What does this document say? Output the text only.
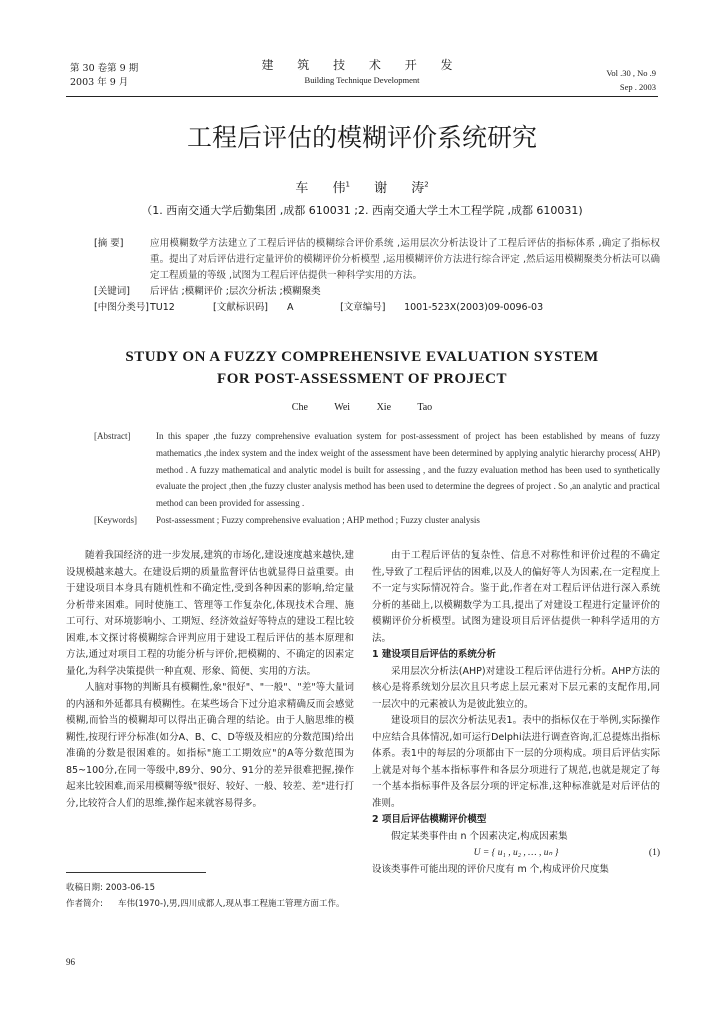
第 30 卷第 9 期
2003 年 9 月
建 筑 技 术 开 发
Building Technique Development
Vol .30 , No .9
Sep . 2003
工程后评估的模糊评价系统研究
车 伟$^1$ 谢 涛$^2$
（1. 西南交通大学后勤集团 ,成都 610031 ;2. 西南交通大学土木工程学院 ,成都 610031)
[摘 要]	应用模糊数学方法建立了工程后评估的模糊综合评价系统 ,运用层次分析法设计了工程后评估的指标体系 ,确定了指标权重。提出了对后评估进行定量评价的模糊评价分析模型 ,运用模糊评价方法进行综合评定 ,然后运用模糊聚类分析法可以确定工程质量的等级 ,试图为工程后评估提供一种科学实用的方法。
[关键词] 后评估 ;模糊评价 ;层次分析法 ;模糊聚类
[中图分类号]TU12	[文献标识码] A	[文章编号] 1001-523X(2003)09-0096-03
STUDY ON A FUZZY COMPREHENSIVE EVALUATION SYSTEM
FOR POST-ASSESSMENT OF PROJECT
Che Wei Xie Tao
[Abstract]	In this spaper ,the fuzzy comprehensive evaluation system for post-assessment of project has been established by means of fuzzy mathematics ,the index system and the index weight of the assessment have been determined by applying analytic hierarchy process( AHP) method . A fuzzy mathematical and analytic model is built for assessing , and the fuzzy evaluation method has been used to synthetically evaluate the project ,then ,the fuzzy cluster analysis method has been used to determine the degrees of project . So ,an analytic and practical method can been provided for assessing .
[Keywords] Post-assessment ; Fuzzy comprehensive evaluation ; AHP method ; Fuzzy cluster analysis

随着我国经济的进一步发展,建筑的市场化,建设速度越来越快,建设规模越来越大。在建设后期的质量监督评估也就显得日益重要。由于建设项目本身具有随机性和不确定性,受到各种因素的影响,给定量分析带来困难。同时使施工、管理等工作复杂化,体现技术合理、施工可行、对环境影响小、工期短、经济效益好等特点的建设工程比较困难,本文探讨将模糊综合评判应用于建设工程后评估的基本原理和方法,通过对项目工程的功能分析与评价,把模糊的、不确定的因素定量化,为科学决策提供一种直观、形象、简便、实用的方法。

人脑对事物的判断具有模糊性,象"很好"、"一般"、"差"等大量词的内涵和外延都具有模糊性。在某些场合下过分追求精确反而会感觉模糊,而恰当的模糊却可以得出正确合理的结论。由于人脑思维的模糊性,按现行评分标准(如分A、B、C、D等级及相应的分数范围)给出准确的分数是很困难的。如指标"施工工期效应"的A等分数范围为85~100分,在同一等级中,89分、90分、91分的差异很难把握,操作起来比较困难,而采用模糊等级"很好、较好、一般、较差、差"进行打分,比较符合人们的思维,操作起来就容易得多。

由于工程后评估的复杂性、信息不对称性和评价过程的不确定性,导致了工程后评估的困难,以及人的偏好等人为因素,在一定程度上不一定与实际情况符合。鉴于此,作者在对工程后评估进行深入系统分析的基础上,以模糊数学为工具,提出了对建设工程进行定量评价的模糊评价分析模型。试图为建设项目后评估提供一种科学适用的方法。

1 建设项目后评估的系统分析

采用层次分析法(AHP)对建设工程后评估进行分析。AHP方法的核心是将系统划分层次且只考虑上层元素对下层元素的支配作用,同一层次中的元素被认为是彼此独立的。

建设项目的层次分析法见表1。表中的指标仅在于举例,实际操作中应结合具体情况,如可运行Delphi法进行调查咨询,汇总提炼出指标体系。表1中的每层的分项都由下一层的分项构成。项目后评估实际上就是对每个基本指标事件和各层分项进行了规范,也就是规定了每一个基本指标事件及各层分项的评定标准,这种标准就是对后评估的准则。

2 项目后评估模糊评价模型

假定某类事件由 n 个因素决定,构成因素集

U = { u₁ , u₂ , … , uₙ }	(1)

设该类事件可能出现的评价尺度有 m 个,构成评价尺度集

收稿日期: 2003-06-15
作者简介:	车伟(1970-),男,四川成都人,现从事工程施工管理方面工作。
96
